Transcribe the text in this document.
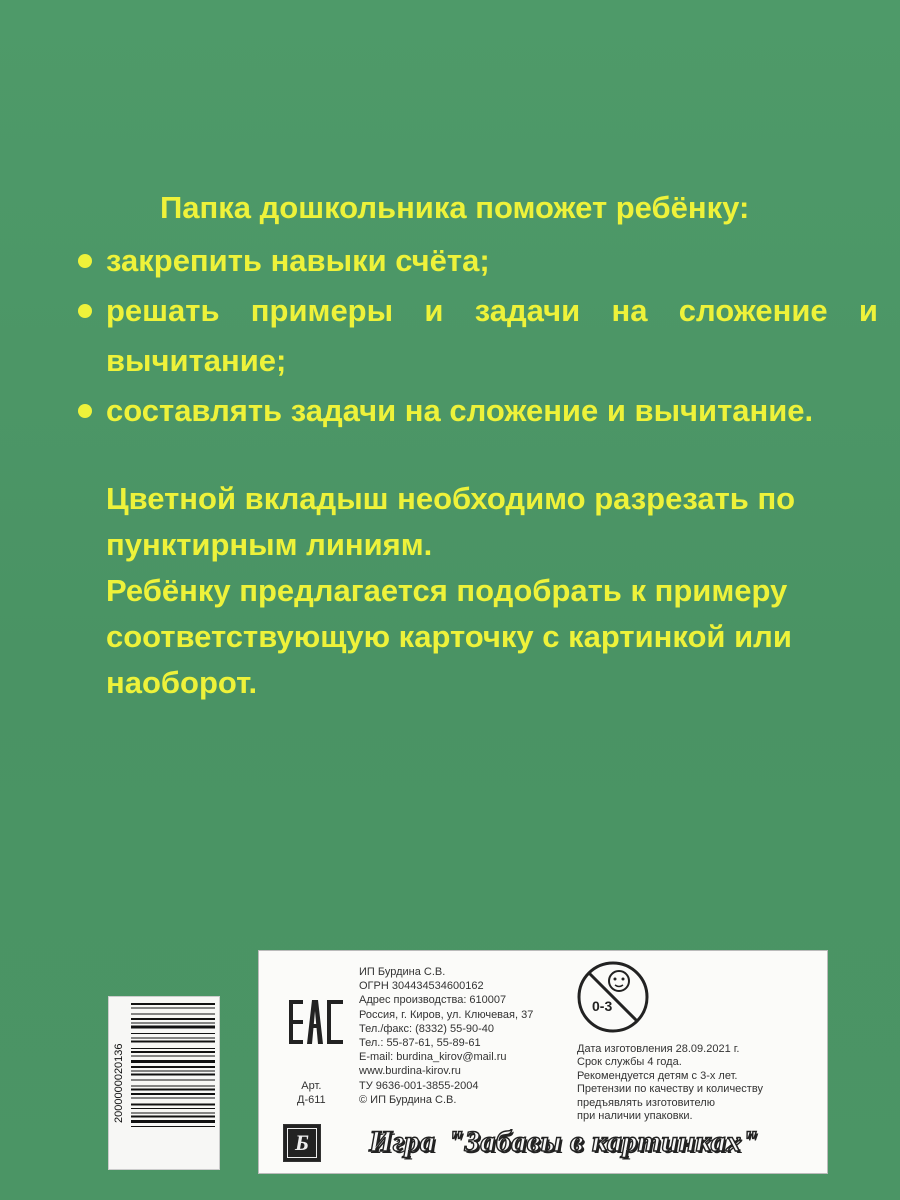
Папка дошкольника поможет ребёнку:
закрепить навыки счёта;
решать примеры и задачи на сложение и вычитание;
составлять задачи на сложение и вычитание.

Цветной вкладыш необходимо разрезать по пунктирным линиям.

Ребёнку предлагается подобрать к примеру соответствующую карточку с картинкой или наоборот.

2000000020136	Арт.
Д-611
ИП Бурдина С.В.
ОГРН 304434534600162
Адрес производства: 610007
Россия, г. Киров, ул. Ключевая, 37
Тел./факс: (8332) 55-90-40
Тел.: 55-87-61, 55-89-61
E-mail: burdina_kirov@mail.ru
www.burdina-kirov.ru
ТУ 9636-001-3855-2004
© ИП Бурдина С.В.
0-3
Дата изготовления 28.09.2021 г.
Срок службы 4 года.
Рекомендуется детям с 3-х лет.
Претензии по качеству и количеству
предъявлять изготовителю
при наличии упаковки.
Б Игра "Забавы в картинках"
